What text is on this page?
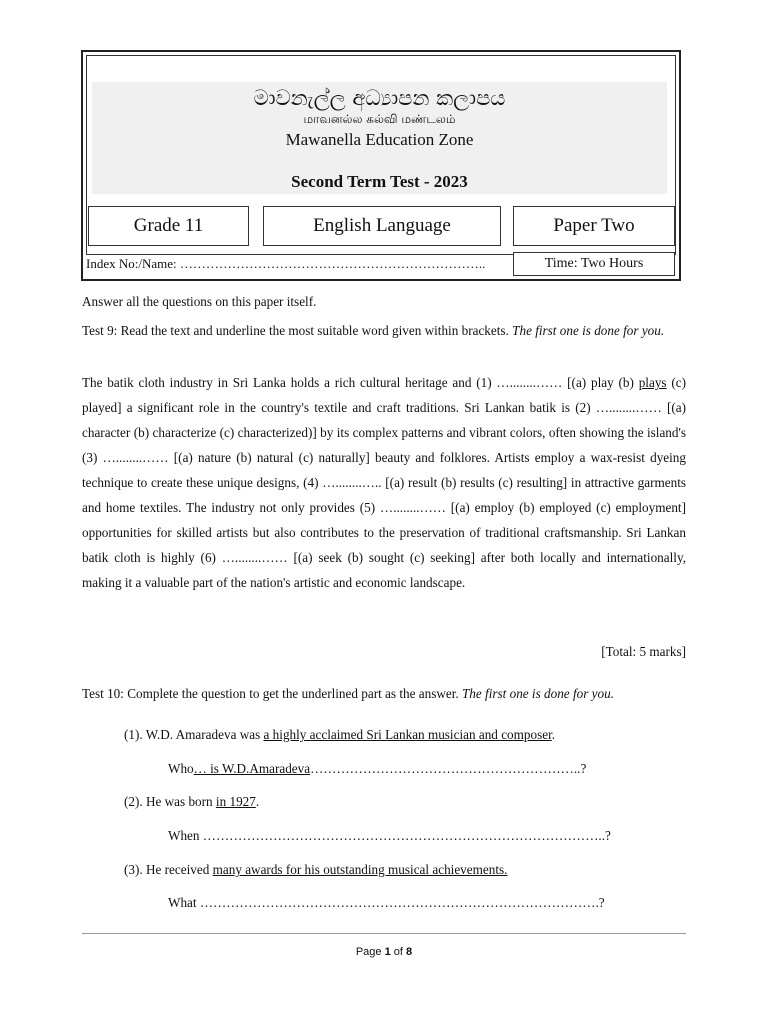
මාවනැල්ල අධ්‍යාපන කලාපය
மாவனல்ல கல்வி மண்டலம்
Mawanella Education Zone
Second Term Test - 2023
Grade 11	English Language	Paper Two
Index No:/Name: ……………………………………………………………..	Time: Two Hours
Answer all the questions on this paper itself.
Test 9: Read the text and underline the most suitable word given within brackets. The first one is done for you.
The batik cloth industry in Sri Lanka holds a rich cultural heritage and (1) …........…… [(a) play (b) plays (c) played] a significant role in the country's textile and craft traditions. Sri Lankan batik is (2) …........…… [(a) character (b) characterize (c) characterized)] by its complex patterns and vibrant colors, often showing the island's (3) …........…… [(a) nature (b) natural (c) naturally] beauty and folklores. Artists employ a wax-resist dyeing technique to create these unique designs, (4) …........….. [(a) result (b) results (c) resulting] in attractive garments and home textiles. The industry not only provides (5) …........…… [(a) employ (b) employed (c) employment] opportunities for skilled artists but also contributes to the preservation of traditional craftsmanship. Sri Lankan batik cloth is highly (6) …........…… [(a) seek (b) sought (c) seeking] after both locally and internationally, making it a valuable part of the nation's artistic and economic landscape.
[Total: 5 marks]
Test 10: Complete the question to get the underlined part as the answer. The first one is done for you.
(1). W.D. Amaradeva was a highly acclaimed Sri Lankan musician and composer.
Who… is W.D.Amaradeva……………………………………………………..?
(2). He was born in 1927.
When ………………………………………………………………………………..?
(3). He received many awards for his outstanding musical achievements.
What ……………………………………………………………………………….?
Page 1 of 8
